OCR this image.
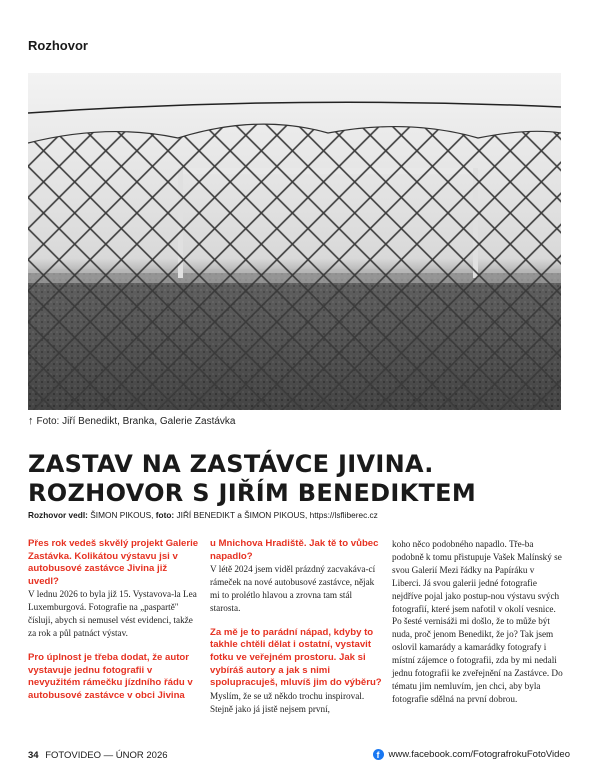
Rozhovor
↑ Foto: Jiří Benedikt, Branka, Galerie Zastávka
ZASTAV NA ZASTÁVCE JIVINA.
ROZHOVOR S JIŘÍM BENEDIKTEM
Rozhovor vedl: ŠIMON PIKOUS, foto: JIŘÍ BENEDIKT a ŠIMON PIKOUS, https://lsfliberec.cz

Přes rok vedeš skvělý projekt Galerie Zastávka. Kolikátou výstavu jsi v autobusové zastávce Jivina již uvedl?

V lednu 2026 to byla již 15. Vystavova-la Lea Luxemburgová. Fotografie na „paspartě" čísluji, abych si nemusel vést evidenci, takže za rok a půl patnáct výstav.

Pro úplnost je třeba dodat, že autor vystavuje jednu fotografii v nevyužitém rámečku jízdního řádu v autobusové zastávce v obci Jivina

u Mnichova Hradiště. Jak tě to vůbec napadlo?

V létě 2024 jsem viděl prázdný zacvakáva-cí rámeček na nové autobusové zastávce, nějak mi to prolétlo hlavou a zrovna tam stál starosta.

Za mě je to parádní nápad, kdyby to takhle chtěli dělat i ostatní, vystavit fotku ve veřejném prostoru. Jak si vybíráš autory a jak s nimi spolupracuješ, mluvíš jim do výběru?

Myslím, že se už někdo trochu inspiroval. Stejně jako já jistě nejsem první,

koho něco podobného napadlo. Tře-ba podobně k tomu přistupuje Vašek Malínský se svou Galerií Mezi řádky na Papíráku v Liberci. Já svou galerii jedné fotografie nejdříve pojal jako postup-nou výstavu svých fotografií, které jsem nafotil v okolí vesnice. Po šesté vernisáži mi došlo, že to může být nuda, proč jenom Benedikt, že jo? Tak jsem oslovil kamarády a kamarádky fotografy i místní zájemce o fotografii, zda by mi nedali jednu fotografii ke zveřejnění na Zastávce. Do tématu jim nemluvím, jen chci, aby byla fotografie sdělná na první dobrou.

34 FOTOVIDEO — ÚNOR 2026	f www.facebook.com/FotografrokuFotoVideo
